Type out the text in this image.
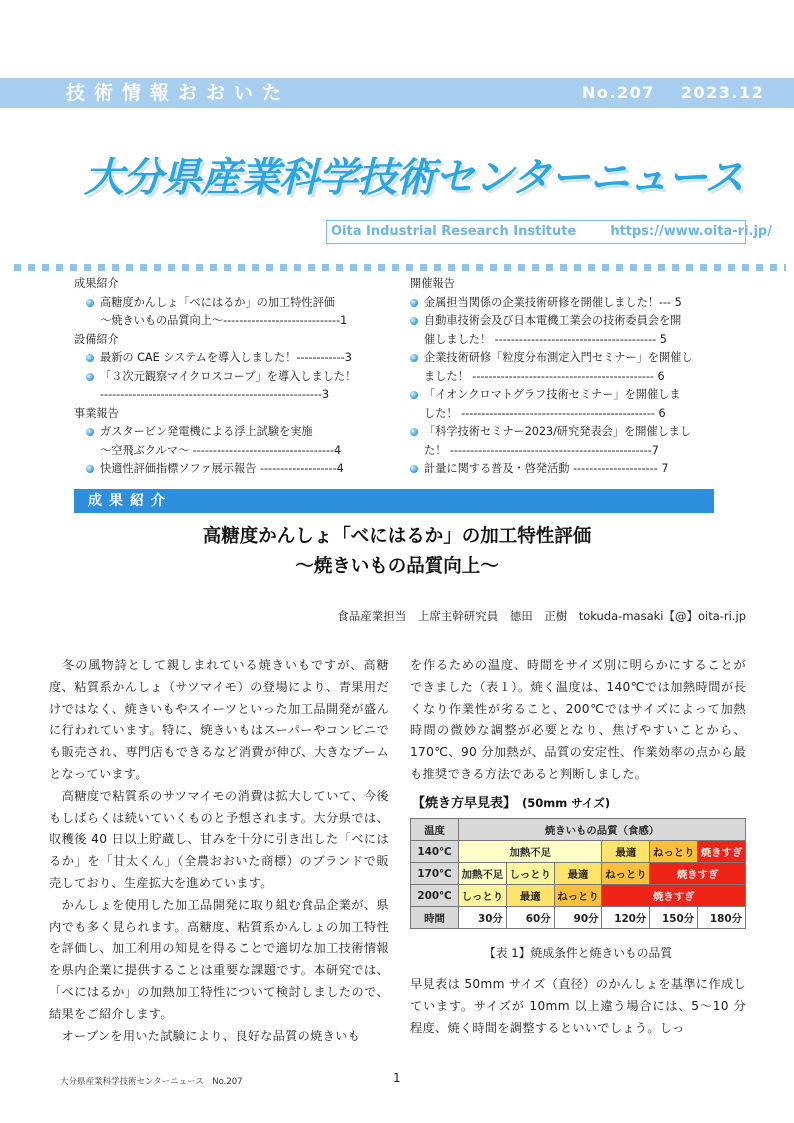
技術情報おおいた	No.207 2023.12
大分県産業科学技術センターニュース
Oita Industrial Research Institute	https://www.oita-ri.jp/
成果紹介
高糖度かんしょ「べにはるか」の加工特性評価
～焼きいもの品質向上～-----------------------------1
設備紹介
最新の CAE システムを導入しました！------------3
「３次元観察マイクロスコープ」を導入しました！
-------------------------------------------------------3
事業報告
ガスタービン発電機による浮上試験を実施
～空飛ぶクルマ～ -----------------------------------4
快適性評価指標ソファ展示報告 -------------------4
開催報告
金属担当関係の企業技術研修を開催しました！--- 5
自動車技術会及び日本電機工業会の技術委員会を開
催しました！ ---------------------------------------- 5
企業技術研修「粒度分布測定入門セミナー」を開催し
ました！ --------------------------------------------- 6
「イオンクロマトグラフ技術セミナー」を開催しま
した！ ------------------------------------------------ 6
「科学技術セミナー2023/研究発表会」を開催しまし
た！ --------------------------------------------------7
計量に関する普及・啓発活動 --------------------- 7
成果紹介
高糖度かんしょ「べにはるか」の加工特性評価
～焼きいもの品質向上～
食品産業担当　上席主幹研究員　徳田　正樹　tokuda-masaki【@】oita-ri.jp

　冬の風物詩として親しまれている焼きいもですが、高糖度、粘質系かんしょ（サツマイモ）の登場により、青果用だけではなく、焼きいもやスイーツといった加工品開発が盛んに行われています。特に、焼きいもはスーパーやコンビニでも販売され、専門店もできるなど消費が伸び、大きなブームとなっています。

　高糖度で粘質系のサツマイモの消費は拡大していて、今後もしばらくは続いていくものと予想されます。大分県では、収穫後 40 日以上貯蔵し、甘みを十分に引き出した「べにはるか」を「甘太くん」（全農おおいた商標）のブランドで販売しており、生産拡大を進めています。

　かんしょを使用した加工品開発に取り組む食品企業が、県内でも多く見られます。高糖度、粘質系かんしょの加工特性を評価し、加工利用の知見を得ることで適切な加工技術情報を県内企業に提供することは重要な課題です。本研究では、「べにはるか」の加熱加工特性について検討しましたので、結果をご紹介します。

　オーブンを用いた試験により、良好な品質の焼きいも

を作るための温度、時間をサイズ別に明らかにすることができました（表１）。焼く温度は、140℃では加熱時間が長くなり作業性が劣ること、200℃ではサイズによって加熱時間の微妙な調整が必要となり、焦げやすいことから、170℃、90 分加熱が、品質の安定性、作業効率の点から最も推奨できる方法であると判断しました。

【焼き方早見表】 (50mm サイズ)
温度	焼きいもの品質（食感）					
140℃	加熱不足			最適	ねっとり	焼きすぎ
170℃	加熱不足	しっとり	最適	ねっとり	焼きすぎ	
200℃	しっとり	最適	ねっとり	焼きすぎ		
時間	30分	60分	90分	120分	150分	180分
【表 1】焼成条件と焼きいもの品質

早見表は 50mm サイズ（直径）のかんしょを基準に作成しています。サイズが 10mm 以上違う場合には、5～10 分程度、焼く時間を調整するといいでしょう。しっ

大分県産業科学技術センターニュース　No.207	1
